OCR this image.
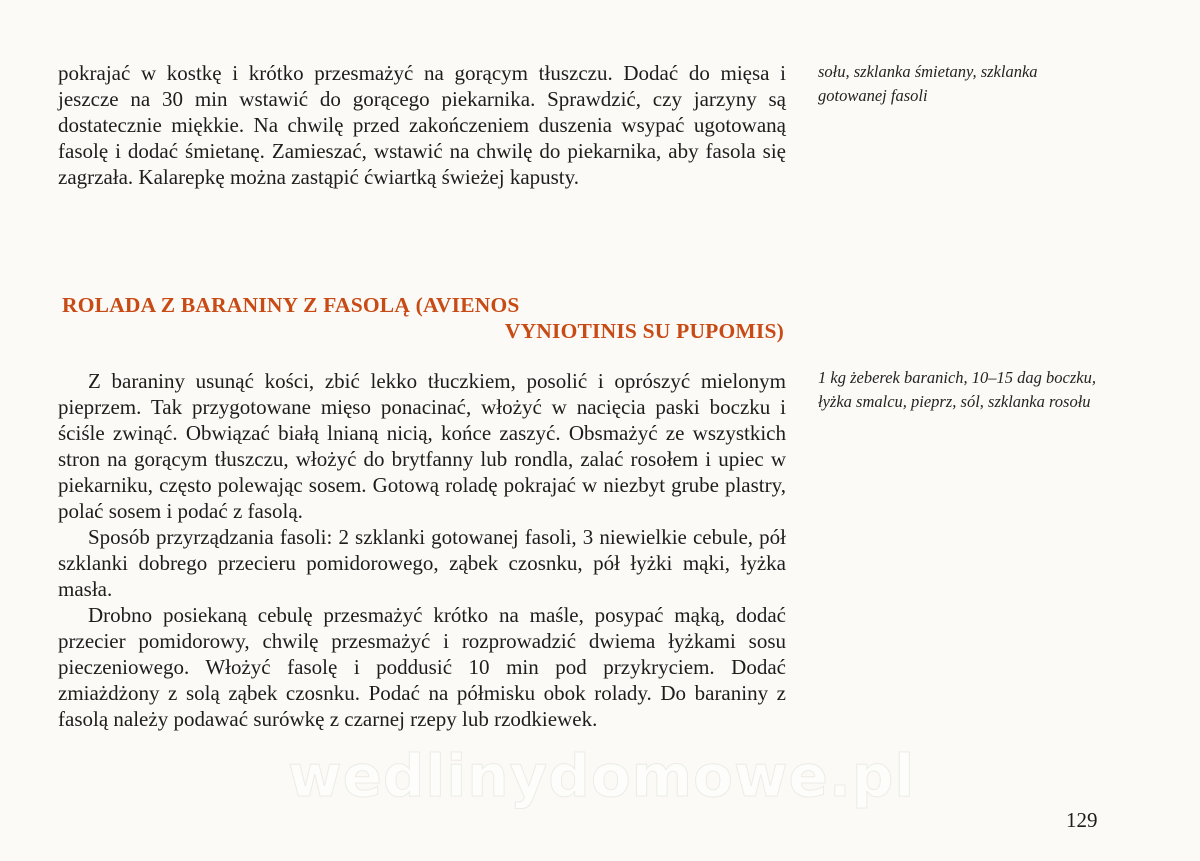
pokrajać w kostkę i krótko przesmażyć na gorącym tłuszczu. Dodać do mięsa i jeszcze na 30 min wstawić do gorącego piekarnika. Sprawdzić, czy jarzyny są dostatecznie miękkie. Na chwilę przed zakończeniem duszenia wsypać ugotowaną fasolę i dodać śmietanę. Zamieszać, wstawić na chwilę do piekarnika, aby fasola się zagrzała. Kalarepkę można zastąpić ćwiartką świeżej kapusty.

sołu, szklanka śmietany, szklanka gotowanej fasoli
ROLADA Z BARANINY Z FASOLĄ (AVIENOS
VYNIOTINIS SU PUPOMIS)

Z baraniny usunąć kości, zbić lekko tłuczkiem, posolić i oprószyć mielonym pieprzem. Tak przygotowane mięso ponacinać, włożyć w nacięcia paski boczku i ściśle zwinąć. Obwiązać białą lnianą nicią, końce zaszyć. Obsmażyć ze wszystkich stron na gorącym tłuszczu, włożyć do brytfanny lub rondla, zalać rosołem i upiec w piekarniku, często polewając sosem. Gotową roladę pokrajać w niezbyt grube plastry, polać sosem i podać z fasolą.

Sposób przyrządzania fasoli: 2 szklanki gotowanej fasoli, 3 niewielkie cebule, pół szklanki dobrego przecieru pomidorowego, ząbek czosnku, pół łyżki mąki, łyżka masła.

Drobno posiekaną cebulę przesmażyć krótko na maśle, posypać mąką, dodać przecier pomidorowy, chwilę przesmażyć i rozprowadzić dwiema łyżkami sosu pieczeniowego. Włożyć fasolę i poddusić 10 min pod przykryciem. Dodać zmiażdżony z solą ząbek czosnku. Podać na półmisku obok rolady. Do baraniny z fasolą należy podawać surówkę z czarnej rzepy lub rzodkiewek.

1 kg żeberek baranich, 10–15 dag boczku, łyżka smalcu, pieprz, sól, szklanka rosołu
wedlinydomowe.pl
129
